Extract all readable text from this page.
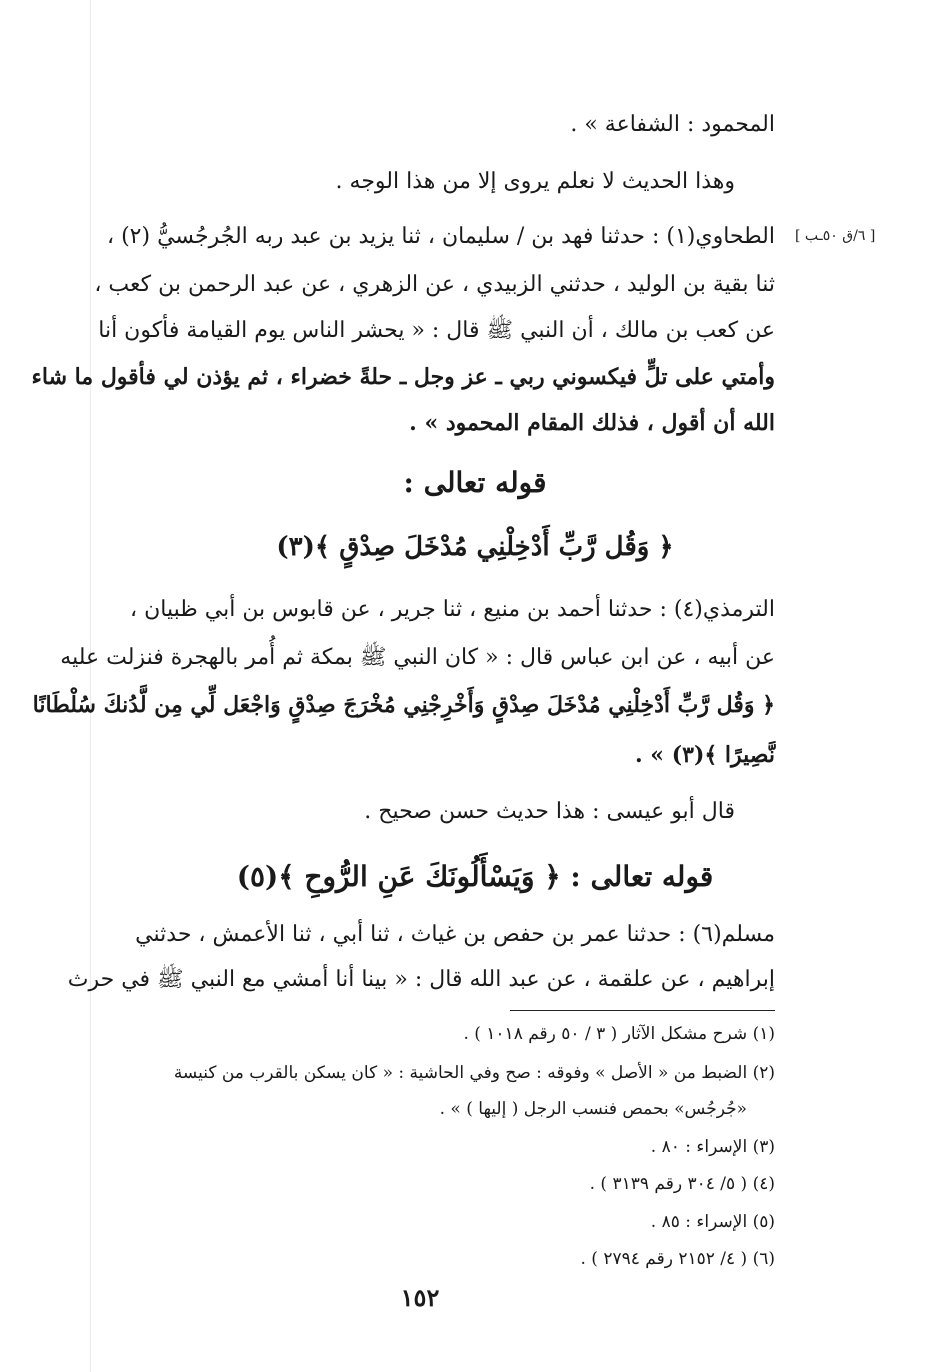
[ ٦/ق ٥٠ـب ]
المحمود : الشفاعة » .
وهذا الحديث لا نعلم يروى إلا من هذا الوجه .
الطحاوي(١) : حدثنا فهد بن / سليمان ، ثنا يزيد بن عبد ربه الجُرجُسيُّ (٢) ،
ثنا بقية بن الوليد ، حدثني الزبيدي ، عن الزهري ، عن عبد الرحمن بن كعب ،
عن كعب بن مالك ، أن النبي ﷺ قال : « يحشر الناس يوم القيامة فأكون أنا
وأمتي على تلٍّ فيكسوني ربي ـ عز وجل ـ حلةً خضراء ، ثم يؤذن لي فأقول ما شاء
الله أن أقول ، فذلك المقام المحمود » .
قوله تعالى :
﴿ وَقُل رَّبِّ أَدْخِلْنِي مُدْخَلَ صِدْقٍ ﴾(٣)
الترمذي(٤) : حدثنا أحمد بن منيع ، ثنا جرير ، عن قابوس بن أبي ظبيان ،
عن أبيه ، عن ابن عباس قال : « كان النبي ﷺ بمكة ثم أُمر بالهجرة فنزلت عليه
﴿ وَقُل رَّبِّ أَدْخِلْنِي مُدْخَلَ صِدْقٍ وَأَخْرِجْنِي مُخْرَجَ صِدْقٍ وَاجْعَل لِّي مِن لَّدُنكَ سُلْطَانًا
نَّصِيرًا ﴾(٣) » .
قال أبو عيسى : هذا حديث حسن صحيح .
قوله تعالى : ﴿ وَيَسْأَلُونَكَ عَنِ الرُّوحِ ﴾(٥)
مسلم(٦) : حدثنا عمر بن حفص بن غياث ، ثنا أبي ، ثنا الأعمش ، حدثني
إبراهيم ، عن علقمة ، عن عبد الله قال : « بينا أنا أمشي مع النبي ﷺ في حرث
(١) شرح مشكل الآثار ( ٣ / ٥٠ رقم ١٠١٨ ) .
(٢) الضبط من « الأصل » وفوقه : صح وفي الحاشية : « كان يسكن بالقرب من كنيسة
«جُرجُس» بحمص فنسب الرجل ( إليها ) » .
(٣) الإسراء : ٨٠ .
(٤) ( ٥/ ٣٠٤ رقم ٣١٣٩ ) .
(٥) الإسراء : ٨٥ .
(٦) ( ٤/ ٢١٥٢ رقم ٢٧٩٤ ) .
١٥٢
